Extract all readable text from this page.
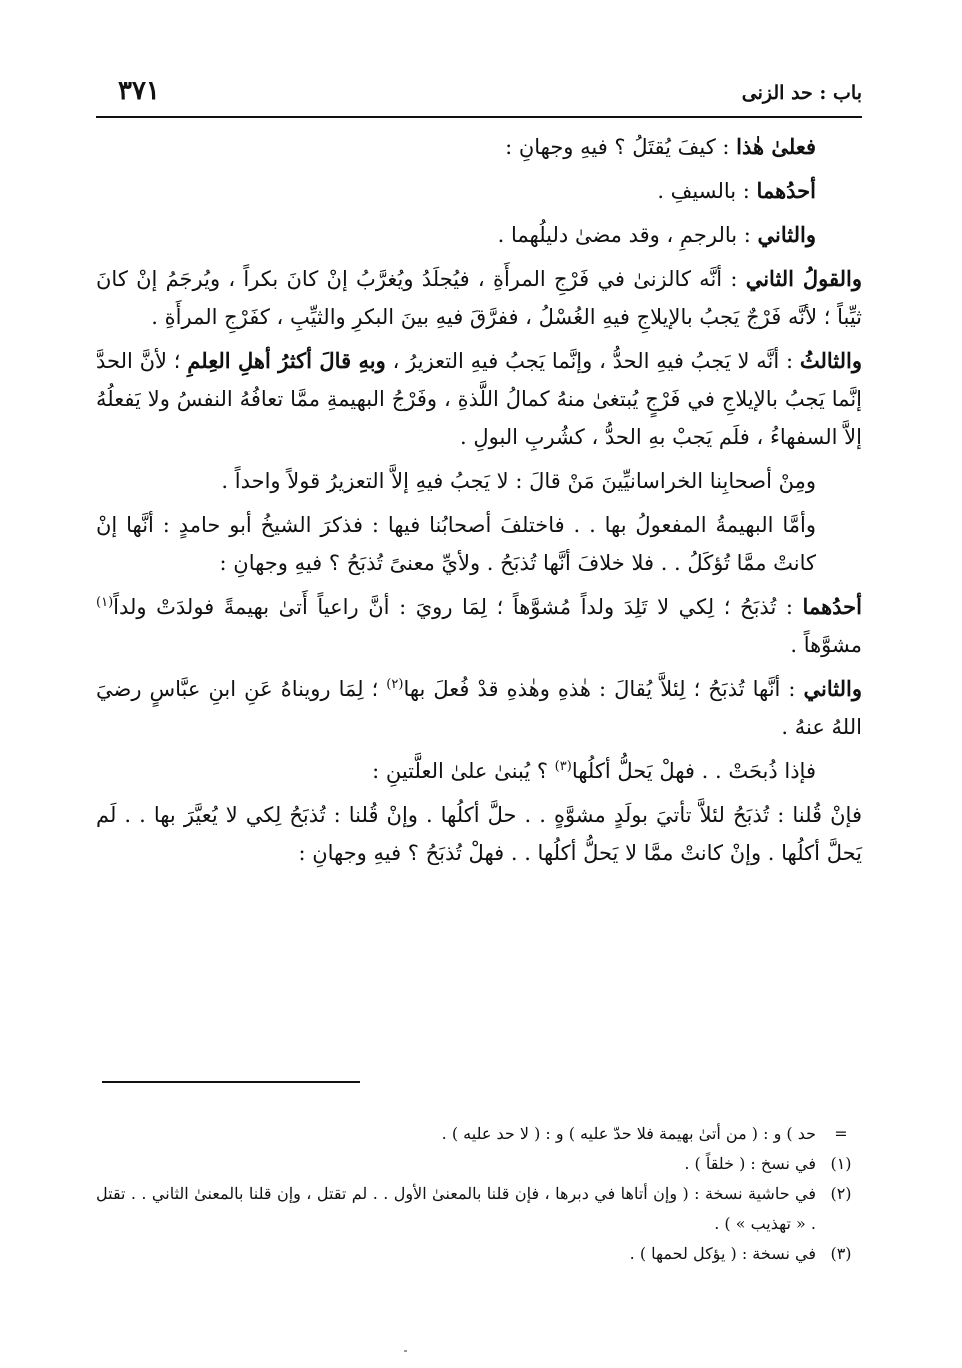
باب : حد الزنى
٣٧١

فعلىٰ هٰذا : كيفَ يُقتَلُ ؟ فيهِ وجهانِ :

أحدُهما : بالسيفِ .

والثاني : بالرجمِ ، وقد مضىٰ دليلُهما .

والقولُ الثاني : أنَّه كالزنىٰ في فَرْجِ المرأَةِ ، فيُجلَدُ ويُغرَّبُ إنْ كانَ بكراً ، ويُرجَمُ إنْ كانَ ثيِّباً ؛ لأنَّه فَرْجٌ يَجبُ بالإيلاجِ فيهِ الغُسْلُ ، ففرَّقَ فيهِ بينَ البكرِ والثيِّبِ ، كفَرْجِ المرأَةِ .

والثالثُ : أنَّه لا يَجبُ فيهِ الحدُّ ، وإنَّما يَجبُ فيهِ التعزيرُ ، وبهِ قالَ أكثرُ أهلِ العِلمِ ؛ لأنَّ الحدَّ إنَّما يَجبُ بالإيلاجِ في فَرْجٍ يُبتغىٰ منهُ كمالُ اللَّذةِ ، وفَرْجُ البهيمةِ ممَّا تعافُهُ النفسُ ولا يَفعلُهُ إلاَّ السفهاءُ ، فلَم يَجبْ بهِ الحدُّ ، كشُربِ البولِ .

ومِنْ أصحابِنا الخراسانيِّينَ مَنْ قالَ : لا يَجبُ فيهِ إلاَّ التعزيرُ قولاً واحداً .

وأمَّا البهيمةُ المفعولُ بها . . فاختلفَ أصحابُنا فيها : فذكرَ الشيخُ أبو حامدٍ : أنَّها إنْ كانتْ ممَّا تُؤكَلُ . . فلا خلافَ أنَّها تُذبَحُ . ولأيِّ معنىً تُذبَحُ ؟ فيهِ وجهانِ :

أحدُهما : تُذبَحُ ؛ لِكي لا تَلِدَ ولداً مُشوَّهاً ؛ لِمَا رويَ : أنَّ راعياً أَتىٰ بهيمةً فولدَتْ ولداً$^{(١)}$ مشوَّهاً .

والثاني : أنَّها تُذبَحُ ؛ لِئلاَّ يُقالَ : هٰذهِ وهٰذهِ قدْ فُعلَ بها$^{(٢)}$ ؛ لِمَا رويناهُ عَنِ ابنِ عبَّاسٍ رضيَ اللهُ عنهُ .

فإذا ذُبحَتْ . . فهلْ يَحلُّ أكلُها$^{(٣)}$ ؟ يُبنىٰ علىٰ العلَّتينِ :

فإنْ قُلنا : تُذبَحُ لئلاَّ تأتيَ بولَدٍ مشوَّهٍ . . حلَّ أكلُها . وإنْ قُلنا : تُذبَحُ لِكي لا يُعيَّرَ بها . . لَم يَحلَّ أكلُها . وإنْ كانتْ ممَّا لا يَحلُّ أكلُها . . فهلْ تُذبَحُ ؟ فيهِ وجهانِ :

=
حد ) و : ( من أتىٰ بهيمة فلا حدّ عليه ) و : ( لا حد عليه ) .
(١)
في نسخ : ( خلقاً ) .
(٢)
في حاشية نسخة : ( وإن أتاها في دبرها ، فإن قلنا بالمعنىٰ الأول . . لم تقتل ، وإن قلنا بالمعنىٰ الثاني . . تقتل . « تهذيب » ) .
(٣)
في نسخة : ( يؤكل لحمها ) .
